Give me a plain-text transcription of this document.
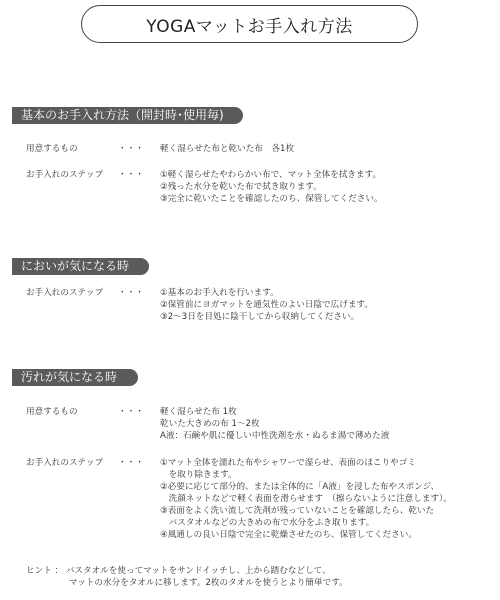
YOGAマットお手入れ方法
基本のお手入れ方法（開封時･使用毎)
用意するもの	・・・ 軽く湿らせた布と乾いた布　各1枚
お手入れのステップ ・・・ ①軽く湿らせたやわらかい布で、マット全体を拭きます。
②残った水分を乾いた布で拭き取ります。
③完全に乾いたことを確認したのち、保管してください。
においが気になる時
お手入れのステップ ・・・ ①基本のお手入れを行います。
②保管前にヨガマットを通気性のよい日陰で広げます。
③2～3日を目処に陰干してから収納してください。
汚れが気になる時
用意するもの	・・・ 軽く湿らせた布 1枚
乾いた大きめの布 1～2枚
A液：石鹸や肌に優しい中性洗剤を水・ぬるま湯で薄めた液
お手入れのステップ ・・・ ①マット全体を濡れた布やシャワーで湿らせ、表面のほこりやゴミ
　を取り除きます。
②必要に応じて部分的、または全体的に「A液」を浸した布やスポンジ、
　洗顔ネットなどで軽く表面を滑らせます　（擦らないように注意します）。
③表面をよく洗い流して洗剤が残っていないことを確認したら、乾いた
　バスタオルなどの大きめの布で水分をふき取ります。
④風通しの良い日陰で完全に乾燥させたのち、保管してください。
ヒント ： バスタオルを使ってマットをサンドイッチし、上から踏むなどして、
　　　　　マットの水分をタオルに移します。2枚のタオルを使うとより簡単です。
